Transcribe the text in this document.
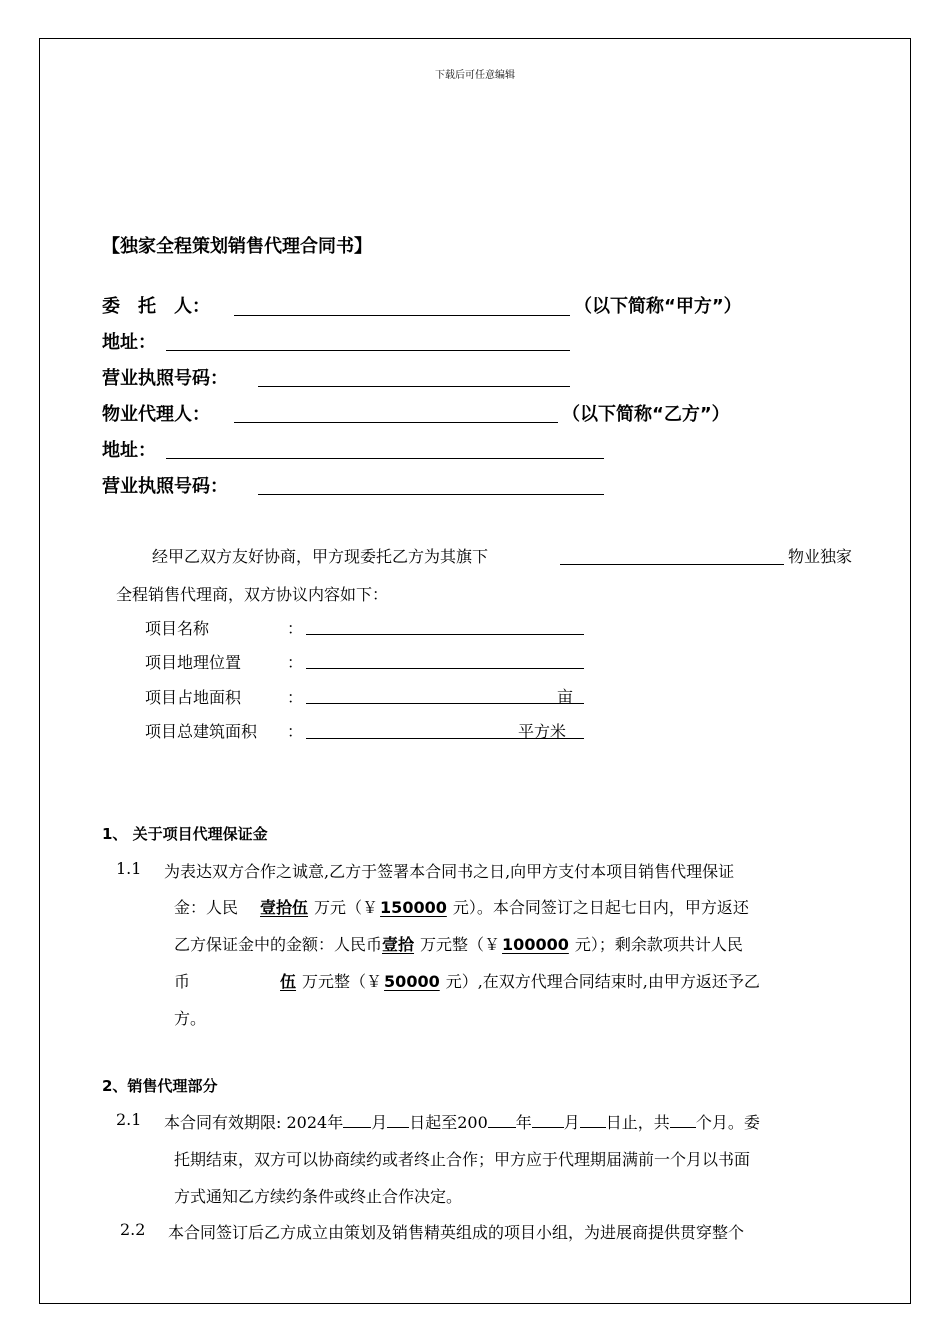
下载后可任意编辑
【独家全程策划销售代理合同书】
委　托　人：	（以下简称“甲方”）
地址：
营业执照号码：
物业代理人：	（以下简称“乙方”）
地址：
营业执照号码：
经甲乙双方友好协商，甲方现委托乙方为其旗下	物业独家
全程销售代理商，双方协议内容如下：
项目名称	：
项目地理位置	：
项目占地面积	：	亩
项目总建筑面积 ：	平方米
1、 关于项目代理保证金
1.1 为表达双方合作之诚意,乙方于签署本合同书之日,向甲方支付本项目销售代理保证
金：人民 壹拾伍 万元（￥ 150000 元）。本合同签订之日起七日内，甲方返还
乙方保证金中的金额：人民币壹拾 万元整（￥ 100000 元）；剩余款项共计人民
币	伍 万元整（￥ 50000 元）,在双方代理合同结束时,由甲方返还予乙
方。
2、销售代理部分
2.1 本合同有效期限: 2024年 月 日起至200 年 月 日止，共 个月。委
托期结束，双方可以协商续约或者终止合作；甲方应于代理期届满前一个月以书面
方式通知乙方续约条件或终止合作决定。
2.2 本合同签订后乙方成立由策划及销售精英组成的项目小组，为进展商提供贯穿整个
